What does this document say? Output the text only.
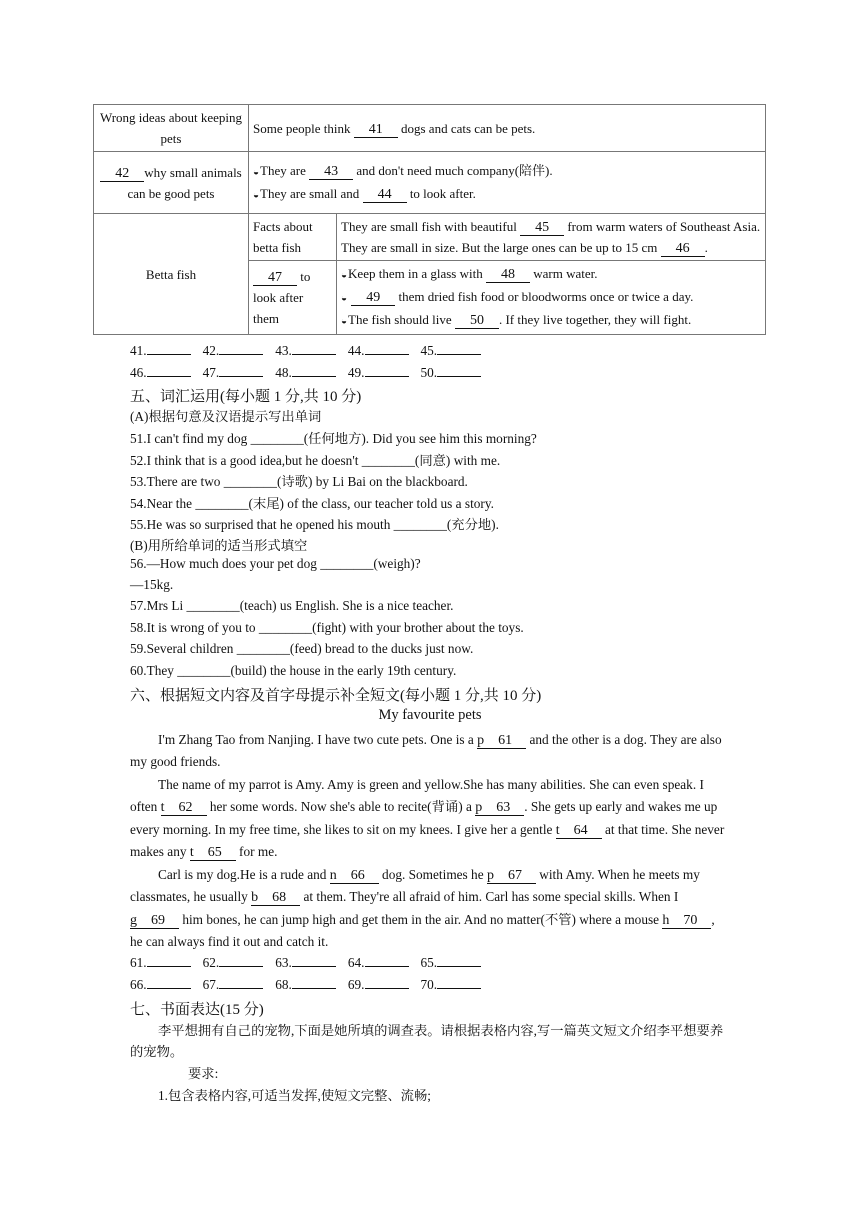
Wrong ideas about keeping pets	Some people think 41 dogs and cats can be pets.	
42 why small animals can be good pets	◒They are 43 and don't need much company(陪伴).
◒They are small and 44 to look after.	

Betta fish	Facts about betta fish	They are small fish with beautiful 45 from warm waters of Southeast Asia.
They are small in size. But the large ones can be up to 15 cm 46 .

	47 to look after them	◒Keep them in a glass with 48 warm water.
◒ 49 them dried fish food or bloodworms once or twice a day.
◒The fish should live 50 . If they live together, they will fight.
41.	42.	43.	44.	45.
46.	47.	48.	49.	50.
五、词汇运用(每小题 1 分,共 10 分)
(A)根据句意及汉语提示写出单词
51.I can't find my dog ________(任何地方). Did you see him this morning?
52.I think that is a good idea,but he doesn't ________(同意) with me.
53.There are two ________(诗歌) by Li Bai on the blackboard.
54.Near the ________(末尾) of the class, our teacher told us a story.
55.He was so surprised that he opened his mouth ________(充分地).
(B)用所给单词的适当形式填空
56.—How much does your pet dog ________(weigh)?
—15kg.
57.Mrs Li ________(teach) us English. She is a nice teacher.
58.It is wrong of you to ________(fight) with your brother about the toys.
59.Several children ________(feed) bread to the ducks just now.
60.They ________(build) the house in the early 19th century.
六、根据短文内容及首字母提示补全短文(每小题 1 分,共 10 分)
My favourite pets
I'm Zhang Tao from Nanjing. I have two cute pets. One is a p    61     and the other is a dog. They are also my good friends.
The name of my parrot is Amy. Amy is green and yellow.She has many abilities. She can even speak. I often t    62     her some words. Now she's able to recite(背诵) a p    63    . She gets up early and wakes me up every morning. In my free time, she likes to sit on my knees. I give her a gentle t    64     at that time. She never makes any t    65     for me.
Carl is my dog.He is a rude and n    66     dog. Sometimes he p    67     with Amy. When he meets my classmates, he usually b    68     at them. They're all afraid of him. Carl has some special skills. When I g    69     him bones, he can jump high and get them in the air. And no matter(不管) where a mouse h    70    , he can always find it out and catch it.
61.	62.	63.	64.	65.
66.	67.	68.	69.	70.
七、书面表达(15 分)
李平想拥有自己的宠物,下面是她所填的调查表。请根据表格内容,写一篇英文短文介绍李平想要养的宠物。
要求:
1.包含表格内容,可适当发挥,使短文完整、流畅;
